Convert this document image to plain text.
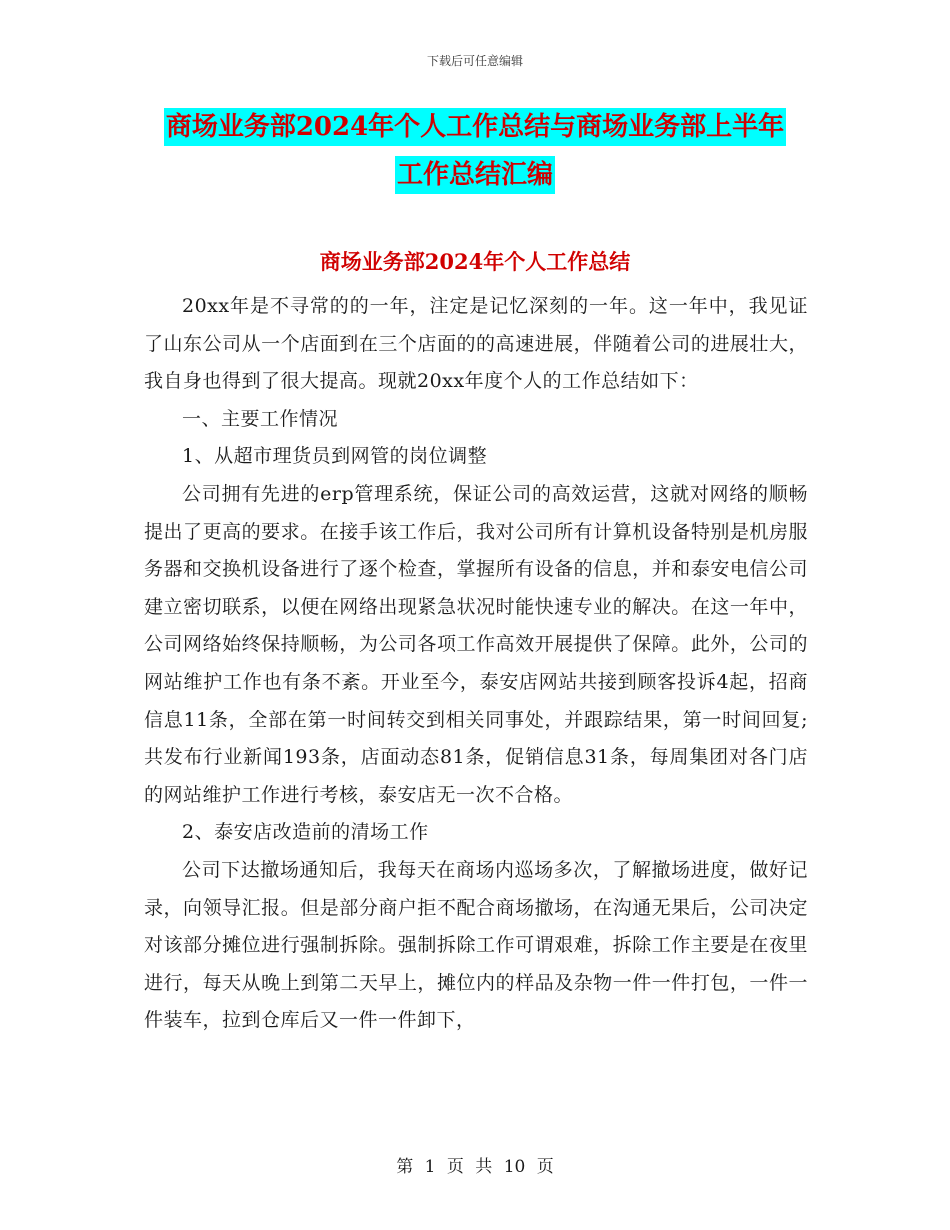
下载后可任意编辑
商场业务部2024年个人工作总结与商场业务部上半年
工作总结汇编
商场业务部2024年个人工作总结

20xx年是不寻常的的一年，注定是记忆深刻的一年。这一年中，我见证了山东公司从一个店面到在三个店面的的高速进展，伴随着公司的进展壮大，我自身也得到了很大提高。现就20xx年度个人的工作总结如下：

一、主要工作情况

1、从超市理货员到网管的岗位调整

公司拥有先进的erp管理系统，保证公司的高效运营，这就对网络的顺畅提出了更高的要求。在接手该工作后，我对公司所有计算机设备特别是机房服务器和交换机设备进行了逐个检查，掌握所有设备的信息，并和泰安电信公司建立密切联系，以便在网络出现紧急状况时能快速专业的解决。在这一年中，公司网络始终保持顺畅，为公司各项工作高效开展提供了保障。此外，公司的网站维护工作也有条不紊。开业至今，泰安店网站共接到顾客投诉4起，招商信息11条，全部在第一时间转交到相关同事处，并跟踪结果，第一时间回复;共发布行业新闻193条，店面动态81条，促销信息31条，每周集团对各门店的网站维护工作进行考核，泰安店无一次不合格。

2、泰安店改造前的清场工作

公司下达撤场通知后，我每天在商场内巡场多次，了解撤场进度，做好记录，向领导汇报。但是部分商户拒不配合商场撤场，在沟通无果后，公司决定对该部分摊位进行强制拆除。强制拆除工作可谓艰难，拆除工作主要是在夜里进行，每天从晚上到第二天早上，摊位内的样品及杂物一件一件打包，一件一件装车，拉到仓库后又一件一件卸下，

第 1 页 共 10 页
